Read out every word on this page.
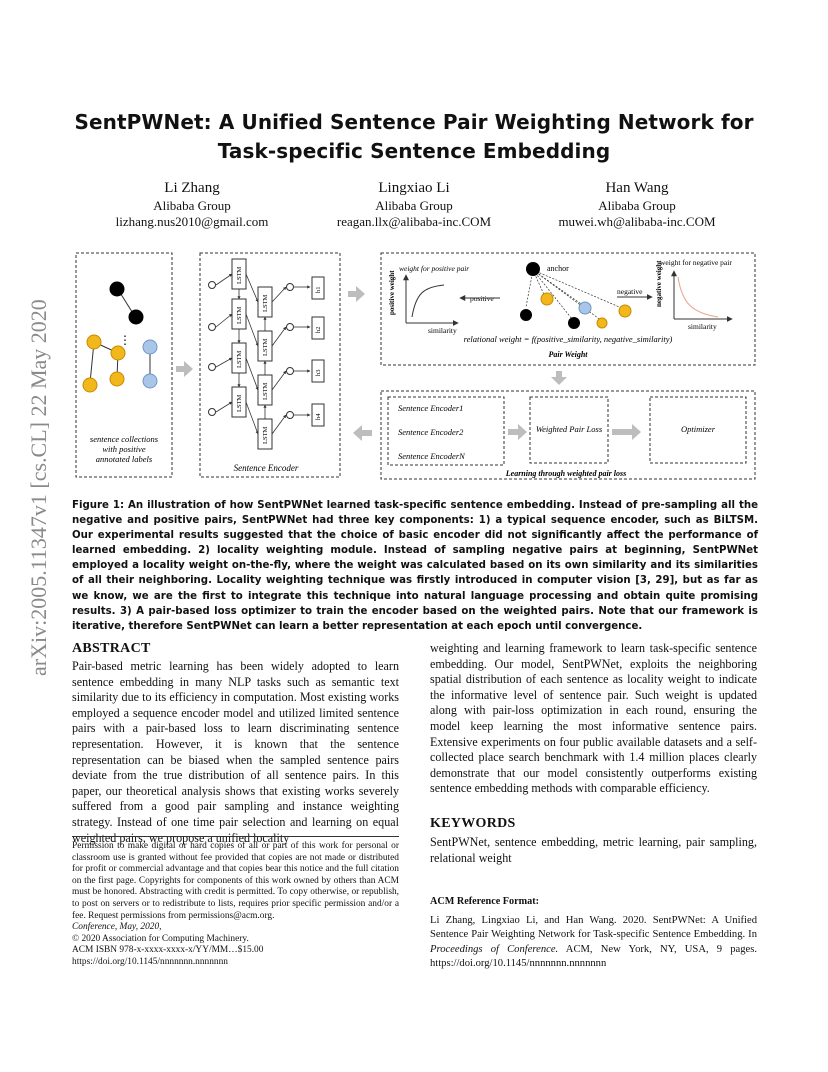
arXiv:2005.11347v1 [cs.CL] 22 May 2020
SentPWNet: A Unified Sentence Pair Weighting Network for
Task-specific Sentence Embedding
Li Zhang
Alibaba Group
lizhang.nus2010@gmail.com
Lingxiao Li
Alibaba Group
reagan.llx@alibaba-inc.COM
Han Wang
Alibaba Group
muwei.wh@alibaba-inc.COM
⋮
sentence collections
with positive
annotated labels
LSTM
LSTM
LSTM
LSTM
LSTM
LSTM
LSTM
LSTM
h1
h2
h3
h4
Sentence Encoder
weight for positive pair
positive weight
similarity
anchor
positive
negative
weight for negative pair
negative weight
similarity
relational weight = f(positive_similarity, negative_similarity)
Pair Weight
Sentence Encoder1
Sentence Encoder2
Sentence EncoderN
Weighted Pair Loss	Optimizer
Learning through weighted pair loss
Figure 1: An illustration of how SentPWNet learned task-specific sentence embedding. Instead of pre-sampling all the negative and positive pairs, SentPWNet had three key components: 1) a typical sequence encoder, such as BiLTSM. Our experimental results suggested that the choice of basic encoder did not significantly affect the performance of learned embedding. 2) locality weighting module. Instead of sampling negative pairs at beginning, SentPWNet employed a locality weight on-the-fly, where the weight was calculated based on its own similarity and its similarities of all their neighboring. Locality weighting technique was firstly introduced in computer vision [3, 29], but as far as we know, we are the first to integrate this technique into natural language processing and obtain quite promising results. 3) A pair-based loss optimizer to train the encoder based on the weighted pairs. Note that our framework is iterative, therefore SentPWNet can learn a better representation at each epoch until convergence.
ABSTRACT
Pair-based metric learning has been widely adopted to learn sentence embedding in many NLP tasks such as semantic text similarity due to its efficiency in computation. Most existing works employed a sequence encoder model and utilized limited sentence pairs with a pair-based loss to learn discriminating sentence representation. However, it is known that the sentence representation can be biased when the sampled sentence pairs deviate from the true distribution of all sentence pairs. In this paper, our theoretical analysis shows that existing works severely suffered from a good pair sampling and instance weighting strategy. Instead of one time pair selection and learning on equal weighted pairs, we propose a unified locality

Permission to make digital or hard copies of all or part of this work for personal or classroom use is granted without fee provided that copies are not made or distributed for profit or commercial advantage and that copies bear this notice and the full citation on the first page. Copyrights for components of this work owned by others than ACM must be honored. Abstracting with credit is permitted. To copy otherwise, or republish, to post on servers or to redistribute to lists, requires prior specific permission and/or a fee. Request permissions from permissions@acm.org.

Conference, May, 2020,

© 2020 Association for Computing Machinery.

ACM ISBN 978-x-xxxx-xxxx-x/YY/MM…$15.00

https://doi.org/10.1145/nnnnnnn.nnnnnnn

weighting and learning framework to learn task-specific sentence embedding. Our model, SentPWNet, exploits the neighboring spatial distribution of each sentence as locality weight to indicate the informative level of sentence pair. Such weight is updated along with pair-loss optimization in each round, ensuring the model keep learning the most informative sentence pairs. Extensive experiments on four public available datasets and a self-collected place search benchmark with 1.4 million places clearly demonstrate that our model consistently outperforms existing sentence embedding methods with comparable efficiency.
KEYWORDS
SentPWNet, sentence embedding, metric learning, pair sampling, relational weight
ACM Reference Format:
Li Zhang, Lingxiao Li, and Han Wang. 2020. SentPWNet: A Unified Sentence Pair Weighting Network for Task-specific Sentence Embedding. In Proceedings of Conference. ACM, New York, NY, USA, 9 pages. https://doi.org/10.1145/nnnnnnn.nnnnnnn
